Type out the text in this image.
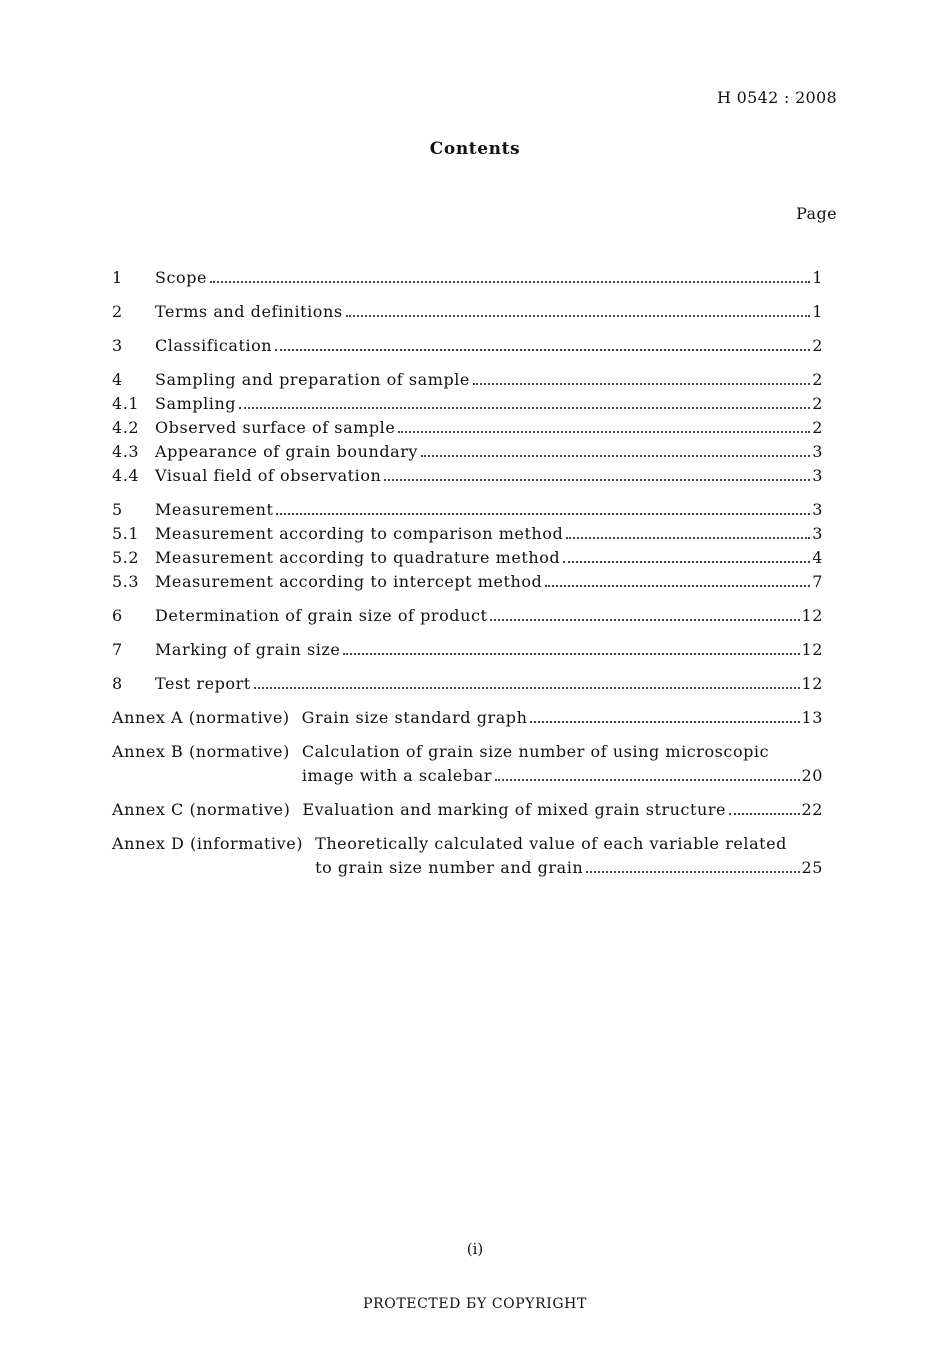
H 0542 : 2008
Contents
Page
1	Scope	1
2	Terms and definitions	1
3	Classification	2
4	Sampling and preparation of sample	2
4.1 Sampling	2
4.2 Observed surface of sample	2
4.3 Appearance of grain boundary	3
4.4 Visual field of observation	3
5	Measurement	3
5.1 Measurement according to comparison method	3
5.2 Measurement according to quadrature method	4
5.3 Measurement according to intercept method	7
6	Determination of grain size of product	12
7	Marking of grain size	12
8	Test report	12
Annex A (normative) Grain size standard graph	13
Annex B (normative) Calculation of grain size number of using microscopic
image with a scalebar	20
Annex C (normative) Evaluation and marking of mixed grain structure	22
Annex D (informative) Theoretically calculated value of each variable related
to grain size number and grain	25
(i)
PROTECTED БY COPYRIGHT
